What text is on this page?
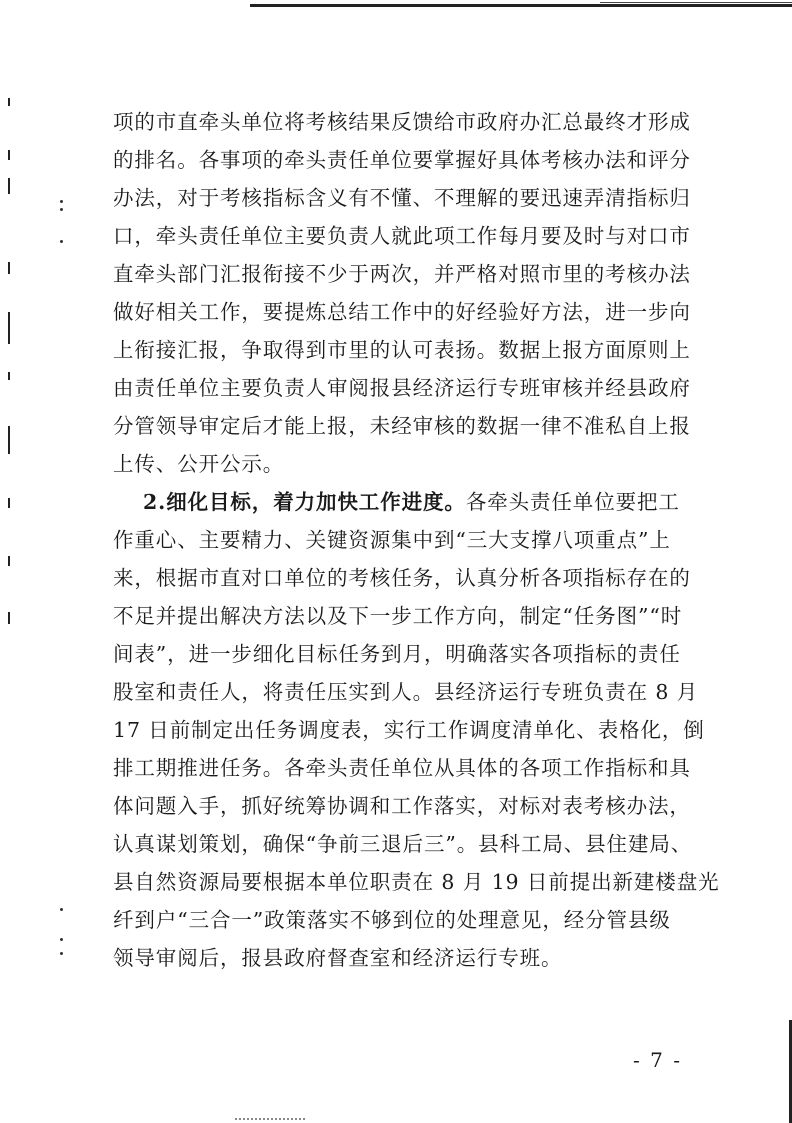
项的市直牵头单位将考核结果反馈给市政府办汇总最终才形成
的排名。各事项的牵头责任单位要掌握好具体考核办法和评分
办法，对于考核指标含义有不懂、不理解的要迅速弄清指标归
口，牵头责任单位主要负责人就此项工作每月要及时与对口市
直牵头部门汇报衔接不少于两次，并严格对照市里的考核办法
做好相关工作，要提炼总结工作中的好经验好方法，进一步向
上衔接汇报，争取得到市里的认可表扬。数据上报方面原则上
由责任单位主要负责人审阅报县经济运行专班审核并经县政府
分管领导审定后才能上报，未经审核的数据一律不准私自上报
上传、公开公示。
2.细化目标，着力加快工作进度。各牵头责任单位要把工
作重心、主要精力、关键资源集中到“三大支撑八项重点”上
来，根据市直对口单位的考核任务，认真分析各项指标存在的
不足并提出解决方法以及下一步工作方向，制定“任务图”“时
间表”，进一步细化目标任务到月，明确落实各项指标的责任
股室和责任人，将责任压实到人。县经济运行专班负责在 8 月
17 日前制定出任务调度表，实行工作调度清单化、表格化，倒
排工期推进任务。各牵头责任单位从具体的各项工作指标和具
体问题入手，抓好统筹协调和工作落实，对标对表考核办法，
认真谋划策划，确保“争前三退后三”。县科工局、县住建局、
县自然资源局要根据本单位职责在 8 月 19 日前提出新建楼盘光
纤到户“三合一”政策落实不够到位的处理意见，经分管县级
领导审阅后，报县政府督查室和经济运行专班。
- 7 -
